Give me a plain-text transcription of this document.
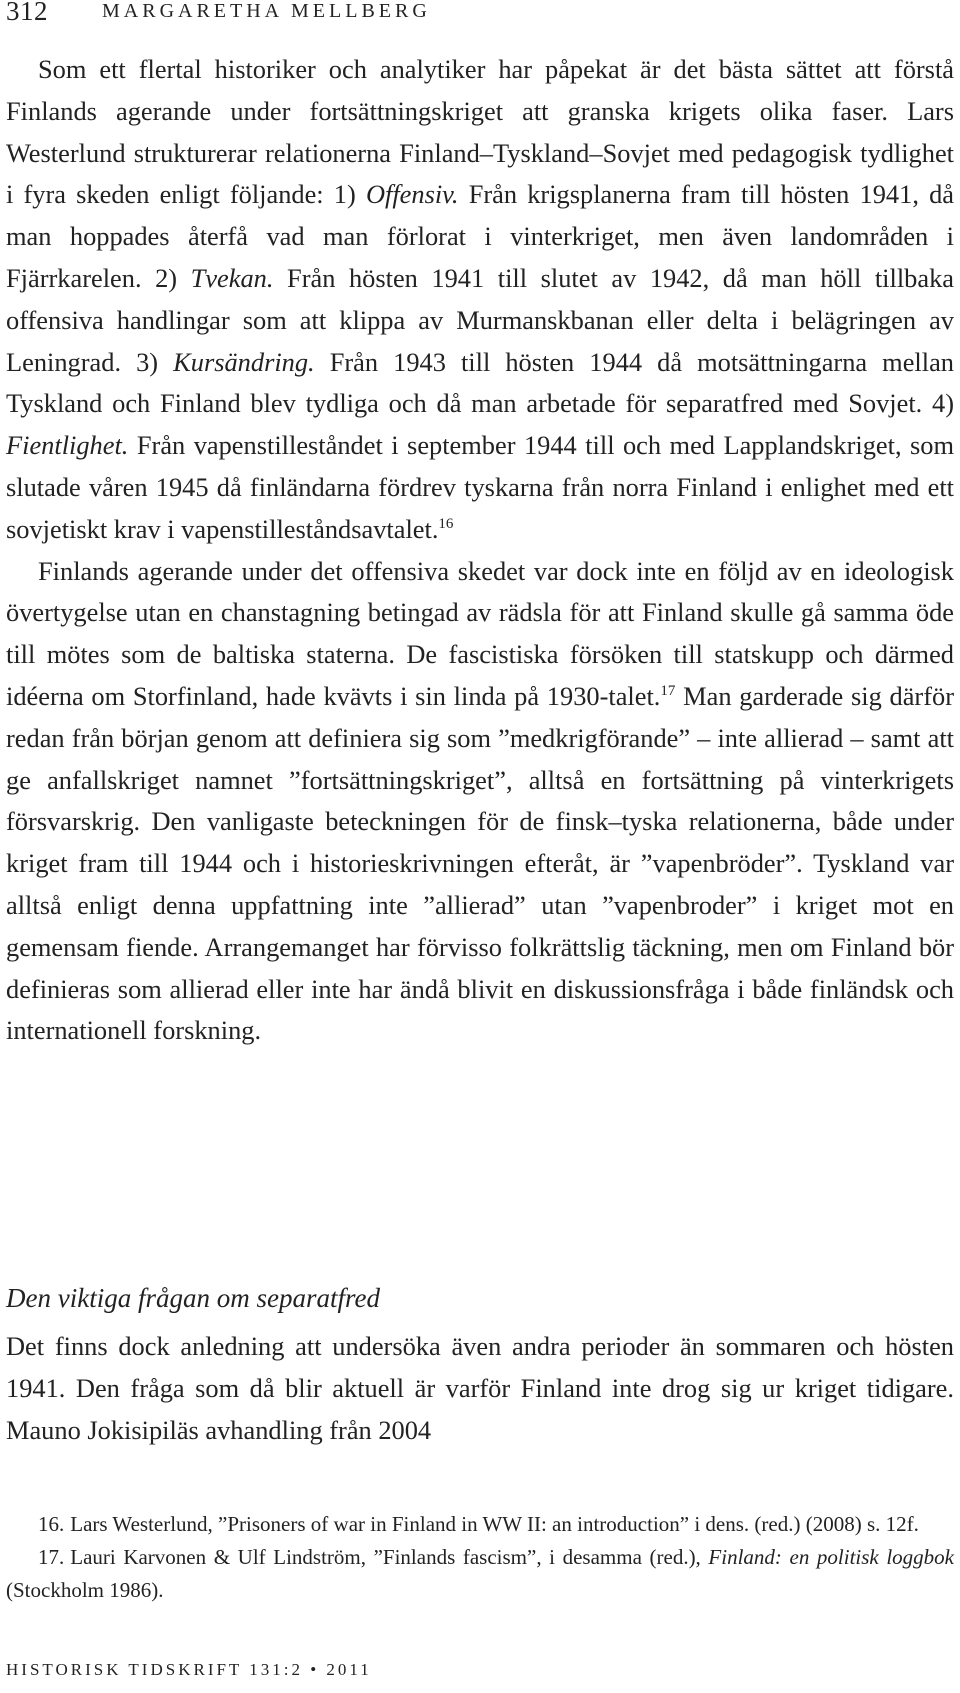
312	MARGARETHA MELLBERG

Som ett flertal historiker och analytiker har påpekat är det bästa sättet att förstå Finlands agerande under fortsättningskriget att granska krigets olika faser. Lars Westerlund strukturerar relationerna Finland–Tyskland–Sovjet med pedagogisk tydlighet i fyra skeden enligt följande: 1) Offensiv. Från krigsplanerna fram till hösten 1941, då man hoppades återfå vad man förlorat i vinterkriget, men även landområden i Fjärrkarelen. 2) Tvekan. Från hösten 1941 till slutet av 1942, då man höll tillbaka offensiva handlingar som att klippa av Murmanskbanan eller delta i belägringen av Leningrad. 3) Kursändring. Från 1943 till hösten 1944 då motsättningarna mellan Tyskland och Finland blev tydliga och då man arbetade för separatfred med Sovjet. 4) Fientlighet. Från vapenstilleståndet i september 1944 till och med Lapplandskriget, som slutade våren 1945 då finländarna fördrev tyskarna från norra Finland i enlighet med ett sovjetiskt krav i vapenstilleståndsavtalet.$^{16}$

Finlands agerande under det offensiva skedet var dock inte en följd av en ideologisk övertygelse utan en chanstagning betingad av rädsla för att Finland skulle gå samma öde till mötes som de baltiska staterna. De fascistiska försöken till statskupp och därmed idéerna om Storfinland, hade kvävts i sin linda på 1930-talet.$^{17}$ Man garderade sig därför redan från början genom att definiera sig som ”medkrigförande” – inte allierad – samt att ge anfallskriget namnet ”fortsättningskriget”, alltså en fortsättning på vinterkrigets försvarskrig. Den vanligaste beteckningen för de finsk–tyska relationerna, både under kriget fram till 1944 och i historieskrivningen efteråt, är ”vapenbröder”. Tyskland var alltså enligt denna uppfattning inte ”allierad” utan ”vapenbroder” i kriget mot en gemensam fiende. Arrangemanget har förvisso folkrättslig täckning, men om Finland bör definieras som allierad eller inte har ändå blivit en diskussionsfråga i både finländsk och internationell forskning.

Den viktiga frågan om separatfred

Det finns dock anledning att undersöka även andra perioder än sommaren och hösten 1941. Den fråga som då blir aktuell är varför Finland inte drog sig ur kriget tidigare. Mauno Jokisipiläs avhandling från 2004

16. Lars Westerlund, ”Prisoners of war in Finland in WW II: an introduction” i dens. (red.) (2008) s. 12f.

17. Lauri Karvonen & Ulf Lindström, ”Finlands fascism”, i desamma (red.), Finland: en politisk loggbok (Stockholm 1986).

HISTORISK TIDSKRIFT 131:2 • 2011
